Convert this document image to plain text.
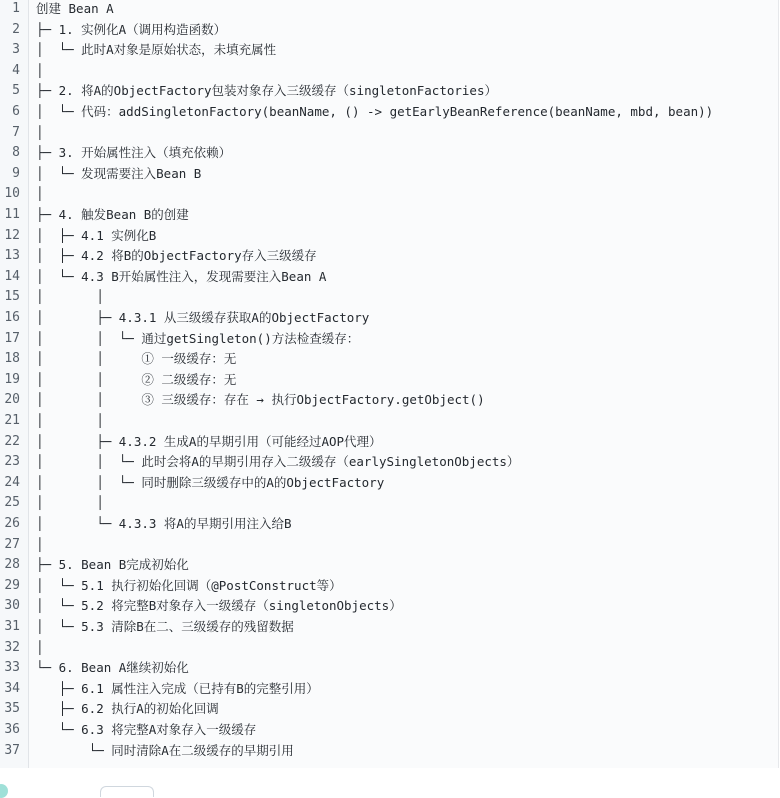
1 创建 Bean A
2 ├─ 1. 实例化A（调用构造函数）
3 │  └─ 此时A对象是原始状态，未填充属性
4 │
5 ├─ 2. 将A的ObjectFactory包装对象存入三级缓存（singletonFactories）
6 │  └─ 代码：addSingletonFactory(beanName, () -> getEarlyBeanReference(beanName, mbd, bean))
7 │
8 ├─ 3. 开始属性注入（填充依赖）
9 │  └─ 发现需要注入Bean B
10 │
11 ├─ 4. 触发Bean B的创建
12 │  ├─ 4.1 实例化B
13 │  ├─ 4.2 将B的ObjectFactory存入三级缓存
14 │  └─ 4.3 B开始属性注入，发现需要注入Bean A
15 │       │
16 │       ├─ 4.3.1 从三级缓存获取A的ObjectFactory
17 │       │  └─ 通过getSingleton()方法检查缓存：
18 │       │     ① 一级缓存：无
19 │       │     ② 二级缓存：无
20 │       │     ③ 三级缓存：存在 → 执行ObjectFactory.getObject()
21 │       │
22 │       ├─ 4.3.2 生成A的早期引用（可能经过AOP代理）
23 │       │  └─ 此时会将A的早期引用存入二级缓存（earlySingletonObjects）
24 │       │  └─ 同时删除三级缓存中的A的ObjectFactory
25 │       │
26 │       └─ 4.3.3 将A的早期引用注入给B
27 │
28 ├─ 5. Bean B完成初始化
29 │  └─ 5.1 执行初始化回调（@PostConstruct等）
30 │  └─ 5.2 将完整B对象存入一级缓存（singletonObjects）
31 │  └─ 5.3 清除B在二、三级缓存的残留数据
32 │
33 └─ 6. Bean A继续初始化
34 ├─ 6.1 属性注入完成（已持有B的完整引用）
35 ├─ 6.2 执行A的初始化回调
36 └─ 6.3 将完整A对象存入一级缓存
37 └─ 同时清除A在二级缓存的早期引用
